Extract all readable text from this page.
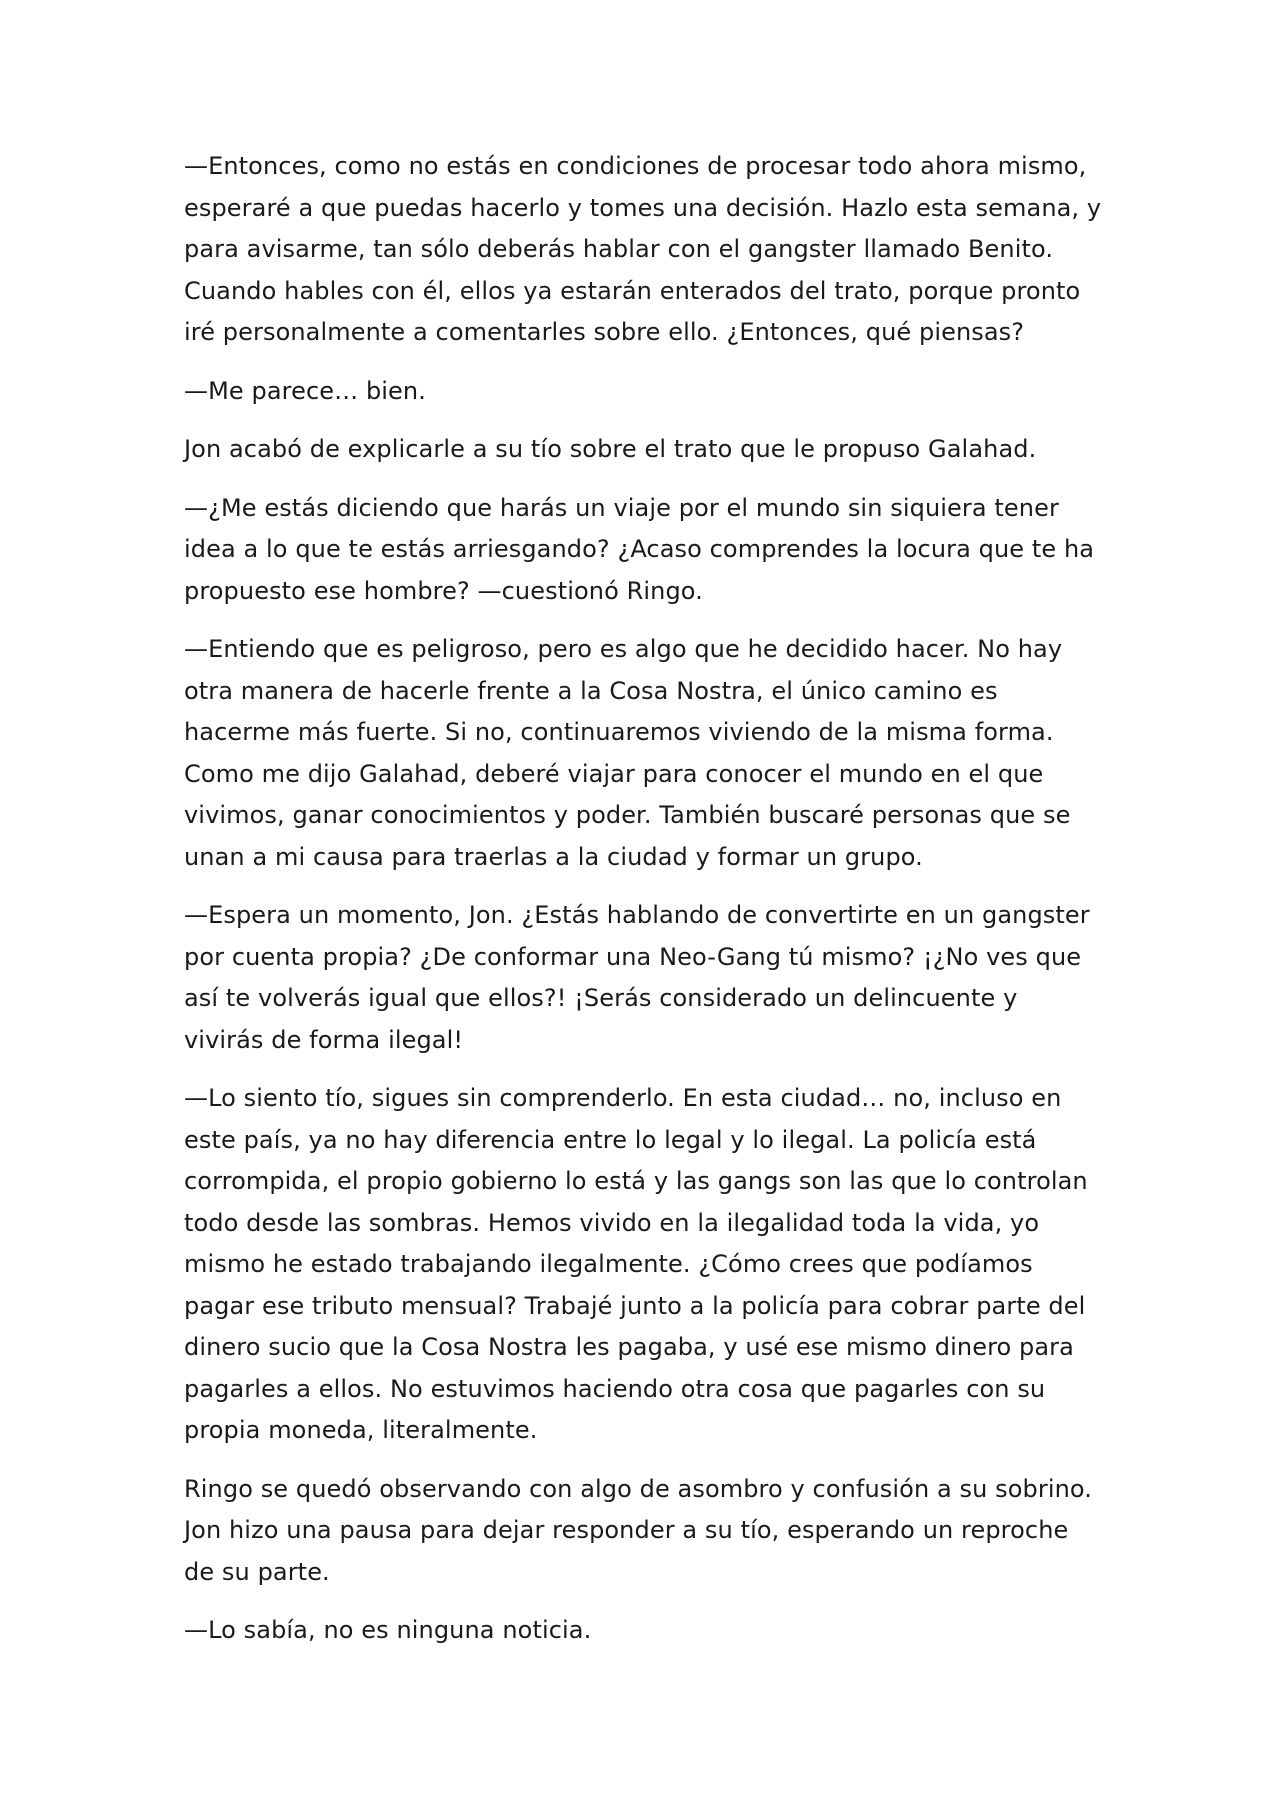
—Entonces, como no estás en condiciones de procesar todo ahora mismo, esperaré a que puedas hacerlo y tomes una decisión. Hazlo esta semana, y para avisarme, tan sólo deberás hablar con el gangster llamado Benito. Cuando hables con él, ellos ya estarán enterados del trato, porque pronto iré personalmente a comentarles sobre ello. ¿Entonces, qué piensas?

—Me parece… bien.

Jon acabó de explicarle a su tío sobre el trato que le propuso Galahad.

—¿Me estás diciendo que harás un viaje por el mundo sin siquiera tener idea a lo que te estás arriesgando? ¿Acaso comprendes la locura que te ha propuesto ese hombre? —cuestionó Ringo.

—Entiendo que es peligroso, pero es algo que he decidido hacer. No hay otra manera de hacerle frente a la Cosa Nostra, el único camino es hacerme más fuerte. Si no, continuaremos viviendo de la misma forma. Como me dijo Galahad, deberé viajar para conocer el mundo en el que vivimos, ganar conocimientos y poder. También buscaré personas que se unan a mi causa para traerlas a la ciudad y formar un grupo.

—Espera un momento, Jon. ¿Estás hablando de convertirte en un gangster por cuenta propia? ¿De conformar una Neo-Gang tú mismo? ¡¿No ves que así te volverás igual que ellos?! ¡Serás considerado un delincuente y vivirás de forma ilegal!

—Lo siento tío, sigues sin comprenderlo. En esta ciudad… no, incluso en este país, ya no hay diferencia entre lo legal y lo ilegal. La policía está corrompida, el propio gobierno lo está y las gangs son las que lo controlan todo desde las sombras. Hemos vivido en la ilegalidad toda la vida, yo mismo he estado trabajando ilegalmente. ¿Cómo crees que podíamos pagar ese tributo mensual? Trabajé junto a la policía para cobrar parte del dinero sucio que la Cosa Nostra les pagaba, y usé ese mismo dinero para pagarles a ellos. No estuvimos haciendo otra cosa que pagarles con su propia moneda, literalmente.

Ringo se quedó observando con algo de asombro y confusión a su sobrino. Jon hizo una pausa para dejar responder a su tío, esperando un reproche de su parte.

—Lo sabía, no es ninguna noticia.
